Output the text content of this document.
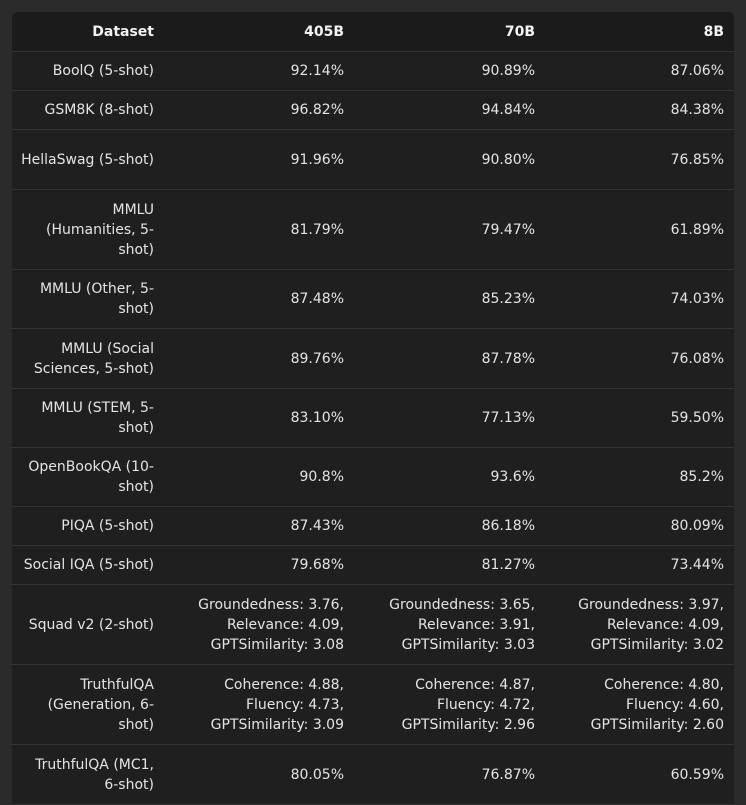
Dataset	405B	70B	8B
BoolQ (5-shot)	92.14%	90.89%	87.06%
GSM8K (8-shot)	96.82%	94.84%	84.38%
HellaSwag (5-shot)	91.96%	90.80%	76.85%
MMLU (Humanities, 5-shot)	81.79%	79.47%	61.89%
MMLU (Other, 5-shot)	87.48%	85.23%	74.03%
MMLU (Social Sciences, 5-shot)	89.76%	87.78%	76.08%
MMLU (STEM, 5-shot)	83.10%	77.13%	59.50%
OpenBookQA (10-shot)	90.8%	93.6%	85.2%
PIQA (5-shot)	87.43%	86.18%	80.09%
Social IQA (5-shot)	79.68%	81.27%	73.44%
Squad v2 (2-shot)	Groundedness: 3.76, Relevance: 4.09, GPTSimilarity: 3.08	Groundedness: 3.65, Relevance: 3.91, GPTSimilarity: 3.03	Groundedness: 3.97, Relevance: 4.09, GPTSimilarity: 3.02
TruthfulQA (Generation, 6-shot)	Coherence: 4.88, Fluency: 4.73, GPTSimilarity: 3.09	Coherence: 4.87, Fluency: 4.72, GPTSimilarity: 2.96	Coherence: 4.80, Fluency: 4.60, GPTSimilarity: 2.60
TruthfulQA (MC1, 6-shot)	80.05%	76.87%	60.59%
